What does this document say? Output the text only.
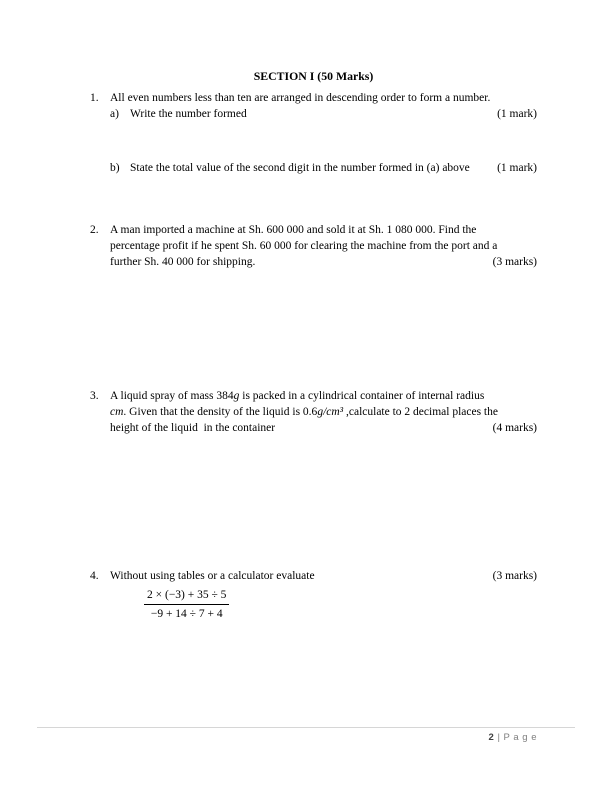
SECTION I (50 Marks)
1. All even numbers less than ten are arranged in descending order to form a number.
a) Write the number formed	(1 mark)
b) State the total value of the second digit in the number formed in (a) above	(1 mark)
2. A man imported a machine at Sh. 600 000 and sold it at Sh. 1 080 000. Find the
percentage profit if he spent Sh. 60 000 for clearing the machine from the port and a
further Sh. 40 000 for shipping.	(3 marks)
3. A liquid spray of mass 384g is packed in a cylindrical container of internal radius
cm. Given that the density of the liquid is 0.6g/cm³ ,calculate to 2 decimal places the
height of the liquid  in the container	(4 marks)
4. Without using tables or a calculator evaluate	(3 marks)
$\frac{2 \times (-3) + 35 \div 5}{-9 + 14 \div 7 + 4}$
2 | P a g e
